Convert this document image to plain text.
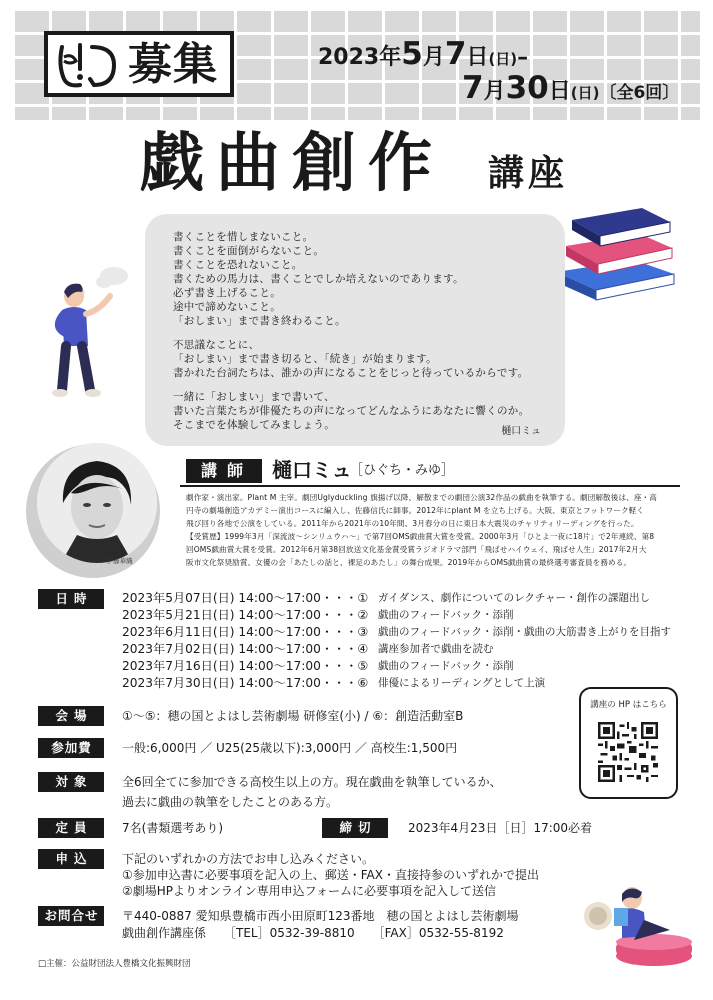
募集	2023年5月7日(日)–
7月30日(日)〔全6回〕
戯曲創作 講座
書くことを惜しまないこと。
書くことを面倒がらないこと。
書くことを恐れないこと。
書くための馬力は、書くことでしか培えないのであります。
必ず書き上げること。
途中で諦めないこと。
「おしまい」まで書き終わること。
不思議なことに、
「おしまい」まで書き切ると、「続き」が始まります。
書かれた台詞たちは、誰かの声になることをじっと待っているからです。
一緒に「おしまい」まで書いて、
書いた言葉たちが俳優たちの声になってどんなふうにあなたに響くのか。
そこまでを体験してみましょう。
樋口ミュ
© 伊藤華織
講師 樋口ミュ
［ひぐち・みゆ］
劇作家・演出家。Plant M 主宰。劇団Uglyduckling 旗揚げ以降、解散までの劇団公演32作品の戯曲を執筆する。劇団解散後は、座・高
円寺の劇場創造アカデミー演出コースに編入し、佐藤信氏に師事。2012年にplant M を立ち上げる。大阪、東京とフットワーク軽く
飛び回り各地で公演をしている。2011年から2021年の10年間、3月春分の日に東日本大震災のチャリティリーディングを行った。
【受賞歴】1999年3月「深流波～シンリュウハ～」で第7回OMS戯曲賞大賞を受賞。2000年3月「ひとよ一夜に18片」で2年連続、第8
回OMS戯曲賞大賞を受賞。2012年6月第38回放送文化基金賞受賞ラジオドラマ部門「飛ばせハイウェイ、飛ばせ人生」2017年2月大
阪市文化祭奨励賞、女優の会「あたしの話と、裸足のあたし」の舞台成果。2019年からOMS戯曲賞の最終選考審査員を務める。
日時	2023年5月07日(日) 14:00～17:00・・・① ガイダンス、劇作についてのレクチャー・創作の課題出し
2023年5月21日(日) 14:00～17:00・・・② 戯曲のフィードバック・添削
2023年6月11日(日) 14:00～17:00・・・③ 戯曲のフィードバック・添削・戯曲の大筋書き上がりを目指す
2023年7月02日(日) 14:00～17:00・・・④ 講座参加者で戯曲を読む
2023年7月16日(日) 14:00～17:00・・・⑤ 戯曲のフィードバック・添削
2023年7月30日(日) 14:00～17:00・・・⑥ 俳優によるリーディングとして上演
講座の HP はこちら
会場	①～⑤：穂の国とよはし芸術劇場 研修室(小) / ⑥：創造活動室B
参加費	一般:6,000円 ／ U25(25歳以下):3,000円 ／ 高校生:1,500円
対象	全6回全てに参加できる高校生以上の方。現在戯曲を執筆しているか、
過去に戯曲の執筆をしたことのある方。
定員	7名(書類選考あり)	締切	2023年4月23日［日］17:00必着
申込	下記のいずれかの方法でお申し込みください。
①参加申込書に必要事項を記入の上、郵送・FAX・直接持参のいずれかで提出
②劇場HPよりオンライン専用申込フォームに必要事項を記入して送信
お問合せ	〒440-0887 愛知県豊橋市西小田原町123番地　穂の国とよはし芸術劇場
戯曲創作講座係　　［TEL］0532-39-8810　　［FAX］0532-55-8192
□主催：公益財団法人豊橋文化振興財団
